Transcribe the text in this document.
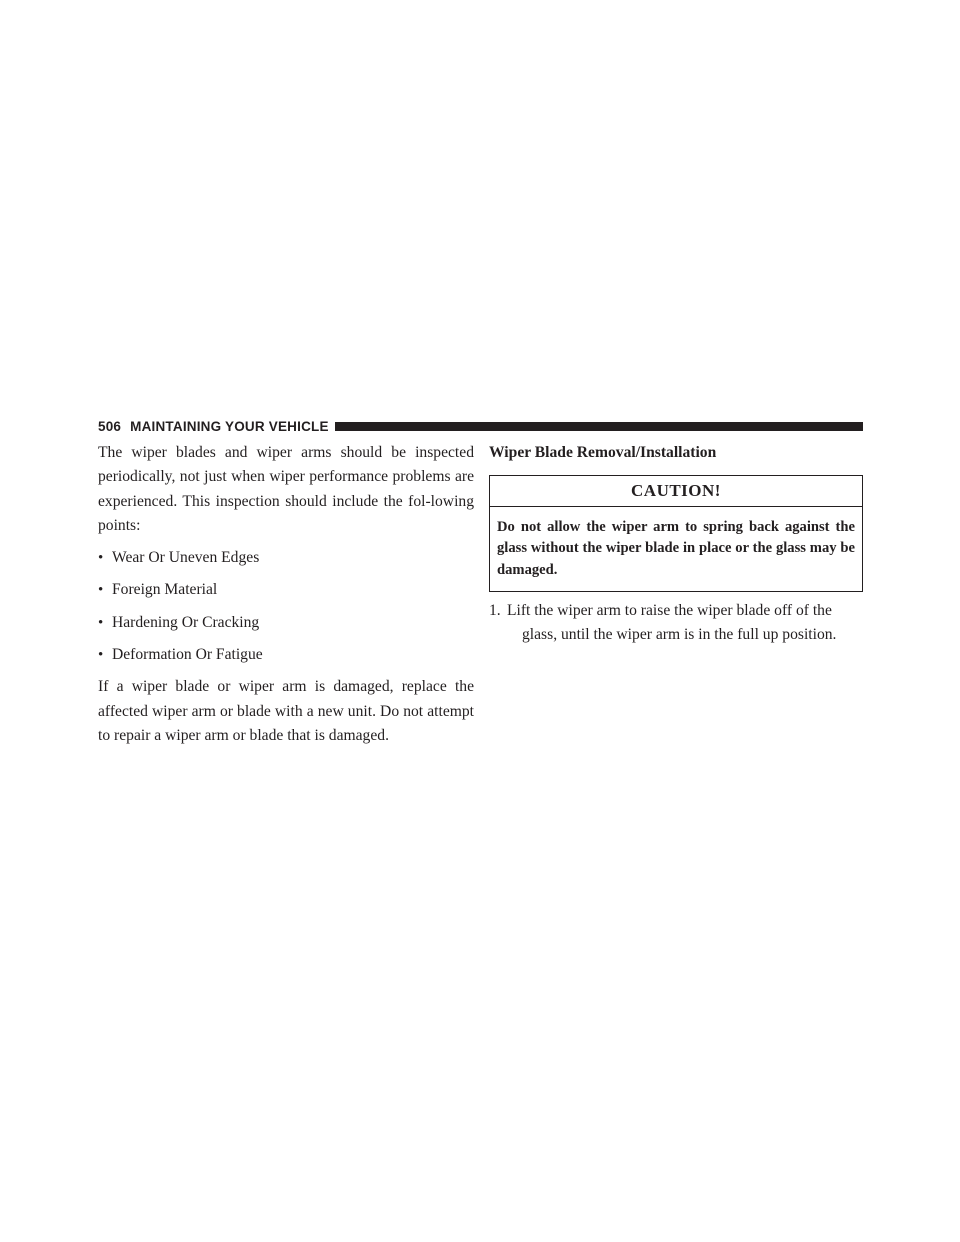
506 MAINTAINING YOUR VEHICLE

The wiper blades and wiper arms should be inspected periodically, not just when wiper performance problems are experienced. This inspection should include the fol-lowing points:

• Wear Or Uneven Edges
• Foreign Material
• Hardening Or Cracking
• Deformation Or Fatigue

If a wiper blade or wiper arm is damaged, replace the affected wiper arm or blade with a new unit. Do not attempt to repair a wiper arm or blade that is damaged.

Wiper Blade Removal/Installation
CAUTION!
Do not allow the wiper arm to spring back against the glass without the wiper blade in place or the glass may be damaged.
1. Lift the wiper arm to raise the wiper blade off of the
glass, until the wiper arm is in the full up position.
